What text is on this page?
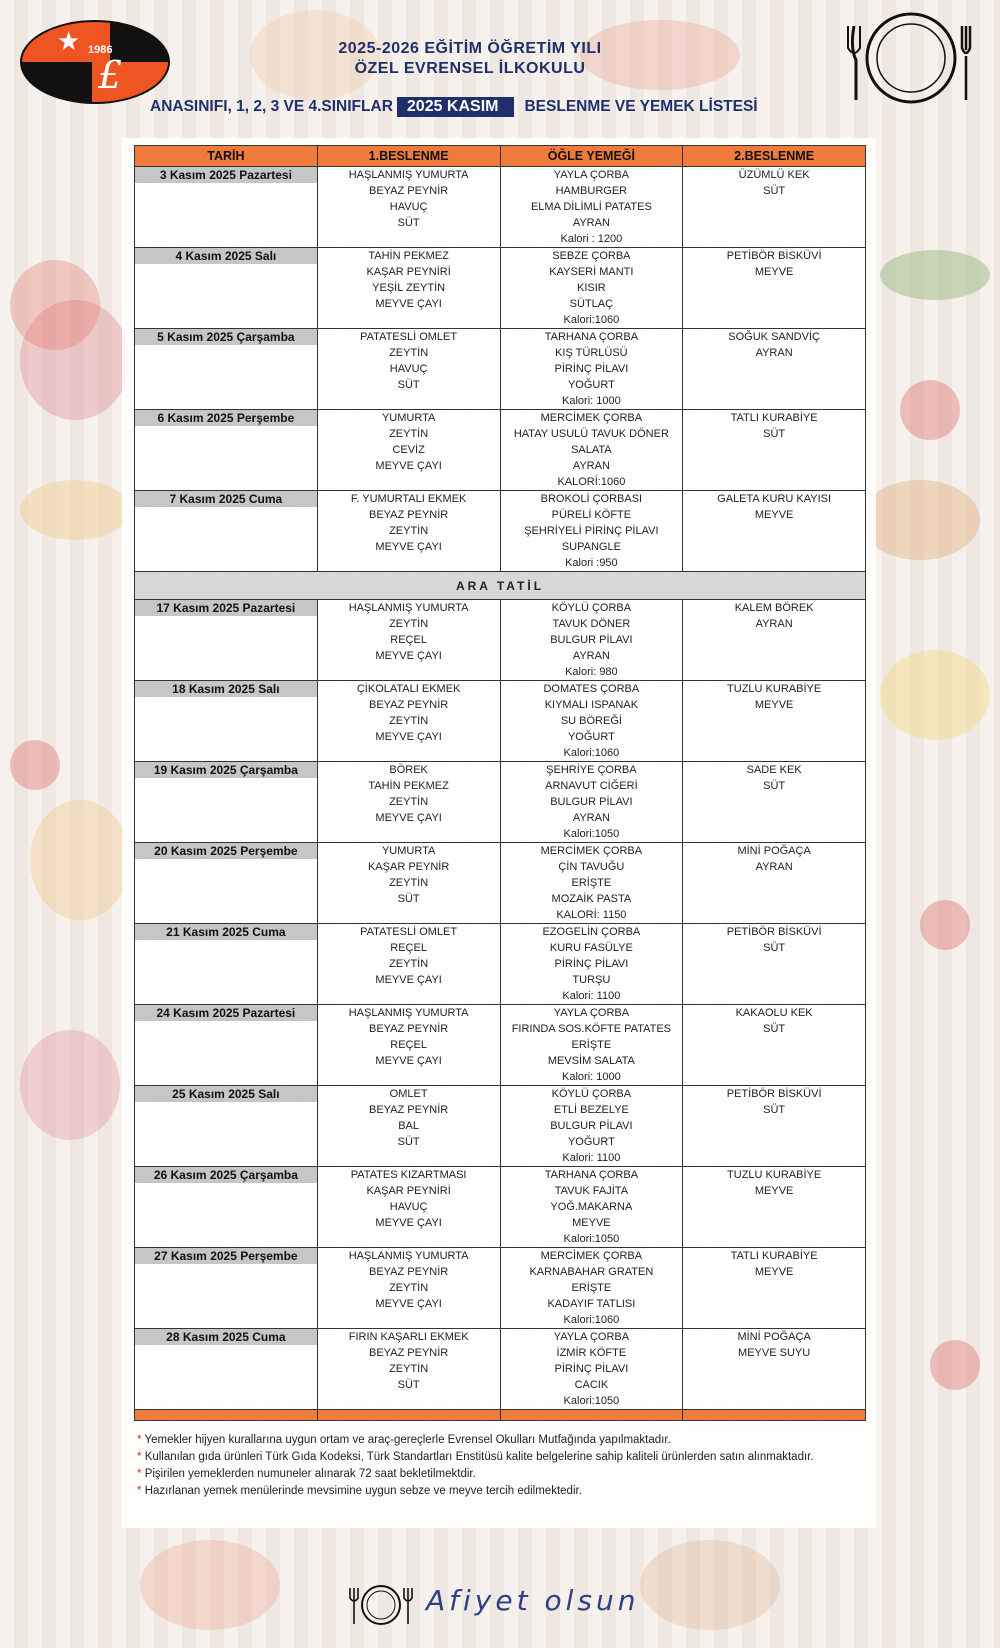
★ 1986
£
2025-2026 EĞİTİM ÖĞRETİM YILI
ÖZEL EVRENSEL İLKOKULU
ANASINIFI, 1, 2, 3 VE 4.SINIFLAR 2025 KASIM	BESLENME VE YEMEK LİSTESİ
TARİH	1.BESLENME	ÖĞLE YEMEĞİ	2.BESLENME

3 Kasım 2025 Pazartesi	HAŞLANMIŞ YUMURTA
BEYAZ PEYNİR
HAVUÇ
SÜT	YAYLA ÇORBA
HAMBURGER
ELMA DİLİMLİ PATATES
AYRAN
Kalori : 1200	ÜZÜMLÜ KEK
SÜT

4 Kasım 2025 Salı	TAHİN PEKMEZ
KAŞAR PEYNİRİ
YEŞİL ZEYTİN
MEYVE ÇAYI	SEBZE ÇORBA
KAYSERİ MANTI
KISIR
SÜTLAÇ
Kalori:1060	PETİBÖR BİSKÜVİ
MEYVE

5 Kasım 2025 Çarşamba	PATATESLİ OMLET
ZEYTİN
HAVUÇ
SÜT	TARHANA ÇORBA
KIŞ TÜRLÜSÜ
PİRİNÇ PİLAVI
YOĞURT
Kalori: 1000	SOĞUK SANDVİÇ
AYRAN

6 Kasım 2025 Perşembe	YUMURTA
ZEYTİN
CEVİZ
MEYVE ÇAYI	MERCİMEK ÇORBA
HATAY USULÜ TAVUK DÖNER
SALATA
AYRAN
KALORİ:1060	TATLI KURABİYE
SÜT

7 Kasım 2025 Cuma	F. YUMURTALI EKMEK
BEYAZ PEYNİR
ZEYTİN
MEYVE ÇAYI	BROKOLİ ÇORBASI
PÜRELİ KÖFTE
ŞEHRİYELİ PİRİNÇ PİLAVI
SUPANGLE
Kalori :950	GALETA KURU KAYISI
MEYVE

ARA TATİL			

17 Kasım 2025 Pazartesi	HAŞLANMIŞ YUMURTA
ZEYTİN
REÇEL
MEYVE ÇAYI	KÖYLÜ ÇORBA
TAVUK DÖNER
BULGUR PİLAVI
AYRAN
Kalori: 980	KALEM BÖREK
AYRAN

18 Kasım 2025 Salı	ÇİKOLATALI EKMEK
BEYAZ PEYNİR
ZEYTİN
MEYVE ÇAYI	DOMATES ÇORBA
KIYMALI ISPANAK
SU BÖREĞİ
YOĞURT
Kalori:1060	TUZLU KURABİYE
MEYVE

19 Kasım 2025 Çarşamba	BÖREK
TAHİN PEKMEZ
ZEYTİN
MEYVE ÇAYI	ŞEHRİYE ÇORBA
ARNAVUT CİĞERİ
BULGUR PİLAVI
AYRAN
Kalori:1050	SADE KEK
SÜT

20 Kasım 2025 Perşembe	YUMURTA
KAŞAR PEYNİR
ZEYTİN
SÜT	MERCİMEK ÇORBA
ÇİN TAVUĞU
ERİŞTE
MOZAİK PASTA
KALORİ: 1150	MİNİ POĞAÇA
AYRAN

21 Kasım 2025 Cuma	PATATESLİ OMLET
REÇEL
ZEYTİN
MEYVE ÇAYI	EZOGELİN ÇORBA
KURU FASÜLYE
PİRİNÇ PİLAVI
TURŞU
Kalori: 1100	PETİBÖR BİSKÜVİ
SÜT

24 Kasım 2025 Pazartesi	HAŞLANMIŞ YUMURTA
BEYAZ PEYNİR
REÇEL
MEYVE ÇAYI	YAYLA ÇORBA
FIRINDA SOS.KÖFTE PATATES
ERİŞTE
MEVSİM SALATA
Kalori: 1000	KAKAOLU KEK
SÜT

25 Kasım 2025 Salı	OMLET
BEYAZ PEYNİR
BAL
SÜT	KÖYLÜ ÇORBA
ETLİ BEZELYE
BULGUR PİLAVI
YOĞURT
Kalori: 1100	PETİBÖR BİSKÜVİ
SÜT

26 Kasım 2025 Çarşamba	PATATES KIZARTMASI
KAŞAR PEYNİRİ
HAVUÇ
MEYVE ÇAYI	TARHANA ÇORBA
TAVUK FAJİTA
YOĞ.MAKARNA
MEYVE
Kalori:1050	TUZLU KURABİYE
MEYVE

27 Kasım 2025 Perşembe	HAŞLANMIŞ YUMURTA
BEYAZ PEYNİR
ZEYTİN
MEYVE ÇAYI	MERCİMEK ÇORBA
KARNABAHAR GRATEN
ERİŞTE
KADAYIF TATLISI
Kalori:1060	TATLI KURABİYE
MEYVE

28 Kasım 2025 Cuma	FIRIN KAŞARLI EKMEK
BEYAZ PEYNİR
ZEYTİN
SÜT	YAYLA ÇORBA
İZMİR KÖFTE
PİRİNÇ PİLAVI
CACIK
Kalori:1050	MİNİ POĞAÇA
MEYVE SUYU

* Yemekler hijyen kurallarına uygun ortam ve araç-gereçlerle Evrensel Okulları Mutfağında yapılmaktadır.
* Kullanılan gıda ürünleri Türk Gıda Kodeksi, Türk Standartları Enstitüsü kalite belgelerine sahip kaliteli ürünlerden satın alınmaktadır.
* Pişirilen yemeklerden numuneler alınarak 72 saat bekletilmektdir.
* Hazırlanan yemek menülerinde mevsimine uygun sebze ve meyve tercih edilmektedir.
Afiyet olsun
